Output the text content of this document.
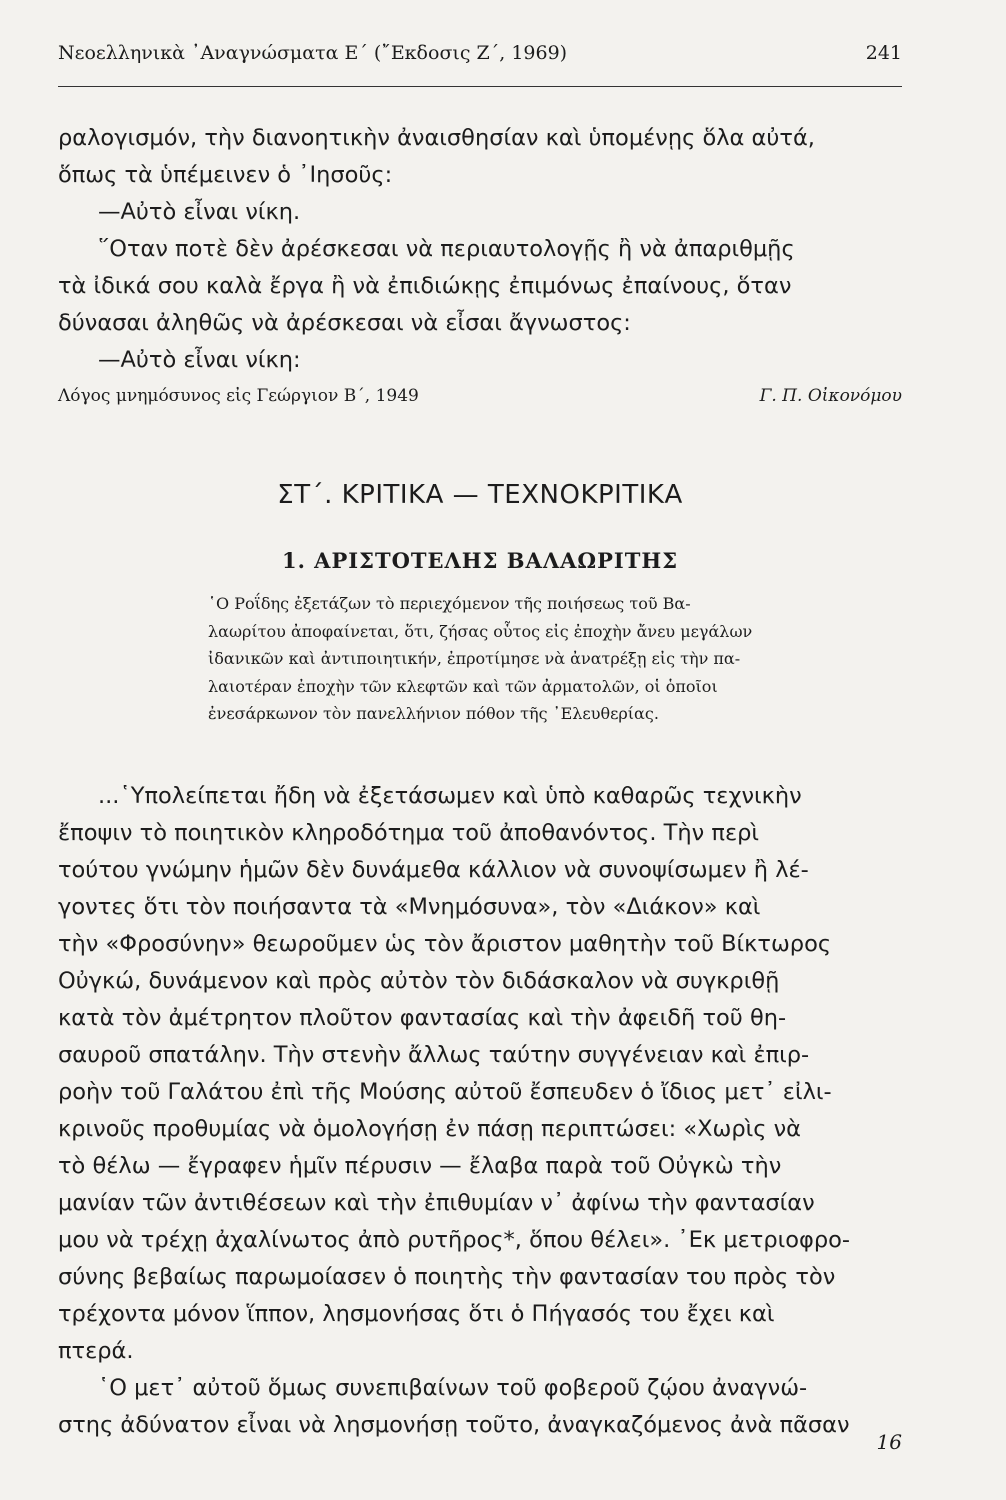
Νεοελληνικὰ ᾿Αναγνώσματα Ε΄ (῎Εκδοσις Ζ΄, 1969)	241
ραλογισμόν, τὴν διανοητικὴν ἀναισθησίαν καὶ ὑπομένῃς ὅλα αὐτά,
ὅπως τὰ ὑπέμεινεν ὁ ᾿Ιησοῦς:
—Αὐτὸ εἶναι νίκη.
῞Οταν ποτὲ δὲν ἀρέσκεσαι νὰ περιαυτολογῇς ἢ νὰ ἀπαριθμῇς
τὰ ἰδικά σου καλὰ ἔργα ἢ νὰ ἐπιδιώκῃς ἐπιμόνως ἐπαίνους, ὅταν
δύνασαι ἀληθῶς νὰ ἀρέσκεσαι νὰ εἶσαι ἄγνωστος:
—Αὐτὸ εἶναι νίκη:
Λόγος μνημόσυνος εἰς Γεώργιον Β΄, 1949	Γ. Π. Οἰκονόμου
ΣΤ΄. ΚΡΙΤΙΚΑ — ΤΕΧΝΟΚΡΙΤΙΚΑ
1. ΑΡΙΣΤΟΤΕΛΗΣ ΒΑΛΑΩΡΙΤΗΣ
῾Ο Ροΐδης ἐξετάζων τὸ περιεχόμενον τῆς ποιήσεως τοῦ Βα-
λαωρίτου ἀποφαίνεται, ὅτι, ζήσας οὗτος εἰς ἐποχὴν ἄνευ μεγάλων
ἰδανικῶν καὶ ἀντιποιητικήν, ἐπροτίμησε νὰ ἀνατρέξῃ εἰς τὴν πα-
λαιοτέραν ἐποχὴν τῶν κλεφτῶν καὶ τῶν ἀρματολῶν, οἱ ὁποῖοι
ἐνεσάρκωνον τὸν πανελλήνιον πόθον τῆς ᾿Ελευθερίας.
...῾Υπολείπεται ἤδη νὰ ἐξετάσωμεν καὶ ὑπὸ καθαρῶς τεχνικὴν
ἔποψιν τὸ ποιητικὸν κληροδότημα τοῦ ἀποθανόντος. Τὴν περὶ
τούτου γνώμην ἡμῶν δὲν δυνάμεθα κάλλιον νὰ συνοψίσωμεν ἢ λέ-
γοντες ὅτι τὸν ποιήσαντα τὰ «Μνημόσυνα», τὸν «Διάκον» καὶ
τὴν «Φροσύνην» θεωροῦμεν ὡς τὸν ἄριστον μαθητὴν τοῦ Βίκτωρος
Οὐγκώ, δυνάμενον καὶ πρὸς αὐτὸν τὸν διδάσκαλον νὰ συγκριθῇ
κατὰ τὸν ἀμέτρητον πλοῦτον φαντασίας καὶ τὴν ἀφειδῆ τοῦ θη-
σαυροῦ σπατάλην. Τὴν στενὴν ἄλλως ταύτην συγγένειαν καὶ ἐπιρ-
ροὴν τοῦ Γαλάτου ἐπὶ τῆς Μούσης αὐτοῦ ἔσπευδεν ὁ ἴδιος μετ᾿ εἰλι-
κρινοῦς προθυμίας νὰ ὁμολογήσῃ ἐν πάσῃ περιπτώσει: «Χωρὶς νὰ
τὸ θέλω — ἔγραφεν ἡμῖν πέρυσιν — ἔλαβα παρὰ τοῦ Οὐγκὼ τὴν
μανίαν τῶν ἀντιθέσεων καὶ τὴν ἐπιθυμίαν ν᾿ ἀφίνω τὴν φαντασίαν
μου νὰ τρέχῃ ἀχαλίνωτος ἀπὸ ρυτῆρος*, ὅπου θέλει». ᾿Εκ μετριοφρο-
σύνης βεβαίως παρωμοίασεν ὁ ποιητὴς τὴν φαντασίαν του πρὸς τὸν
τρέχοντα μόνον ἵππον, λησμονήσας ὅτι ὁ Πήγασός του ἔχει καὶ
πτερά.
῾Ο μετ᾿ αὐτοῦ ὅμως συνεπιβαίνων τοῦ φοβεροῦ ζῴου ἀναγνώ-
στης ἀδύνατον εἶναι νὰ λησμονήσῃ τοῦτο, ἀναγκαζόμενος ἀνὰ πᾶσαν
16
